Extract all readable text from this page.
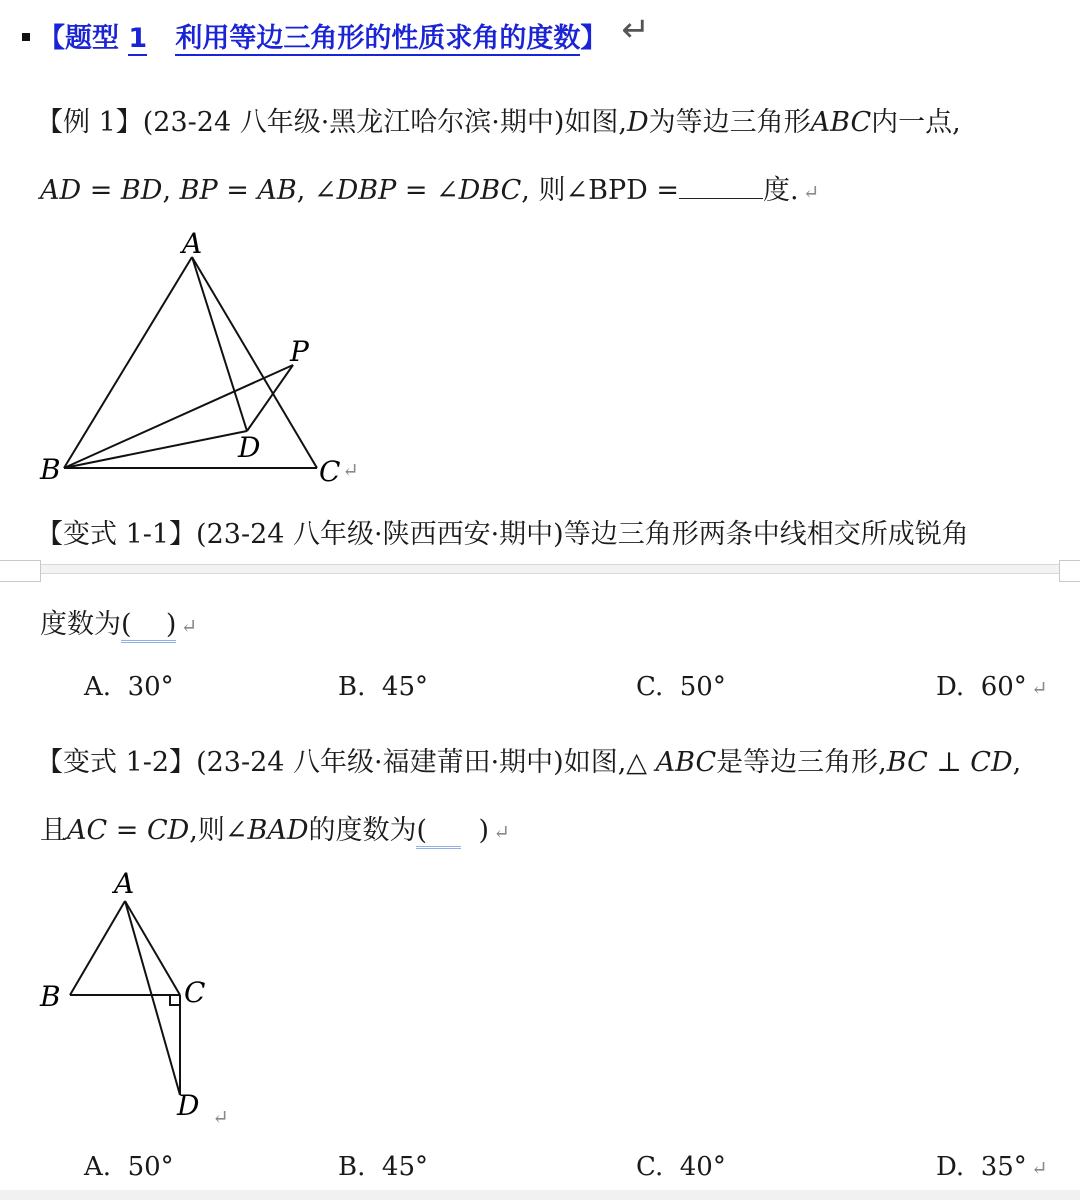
【题型 1 利用等边三角形的性质求角的度数】 ↵
【例 1】(23-24 八年级·黑龙江哈尔滨·期中)如图,D为等边三角形ABC内一点,
AD = BD, BP = AB, ∠DBP = ∠DBC, 则∠BPD =	度. ↵
A
B	C
D
P
↵
【变式 1-1】(23-24 八年级·陕西西安·期中)等边三角形两条中线相交所成锐角
度数为( ) ↵
A. 30°	B. 45°	C. 50°	D. 60° ↵
【变式 1-2】(23-24 八年级·福建莆田·期中)如图,△ ABC是等边三角形,BC ⊥ CD,
且AC = CD,则∠BAD的度数为( ) ↵
A
B	C
D ↵
A. 50°	B. 45°	C. 40°	D. 35° ↵
